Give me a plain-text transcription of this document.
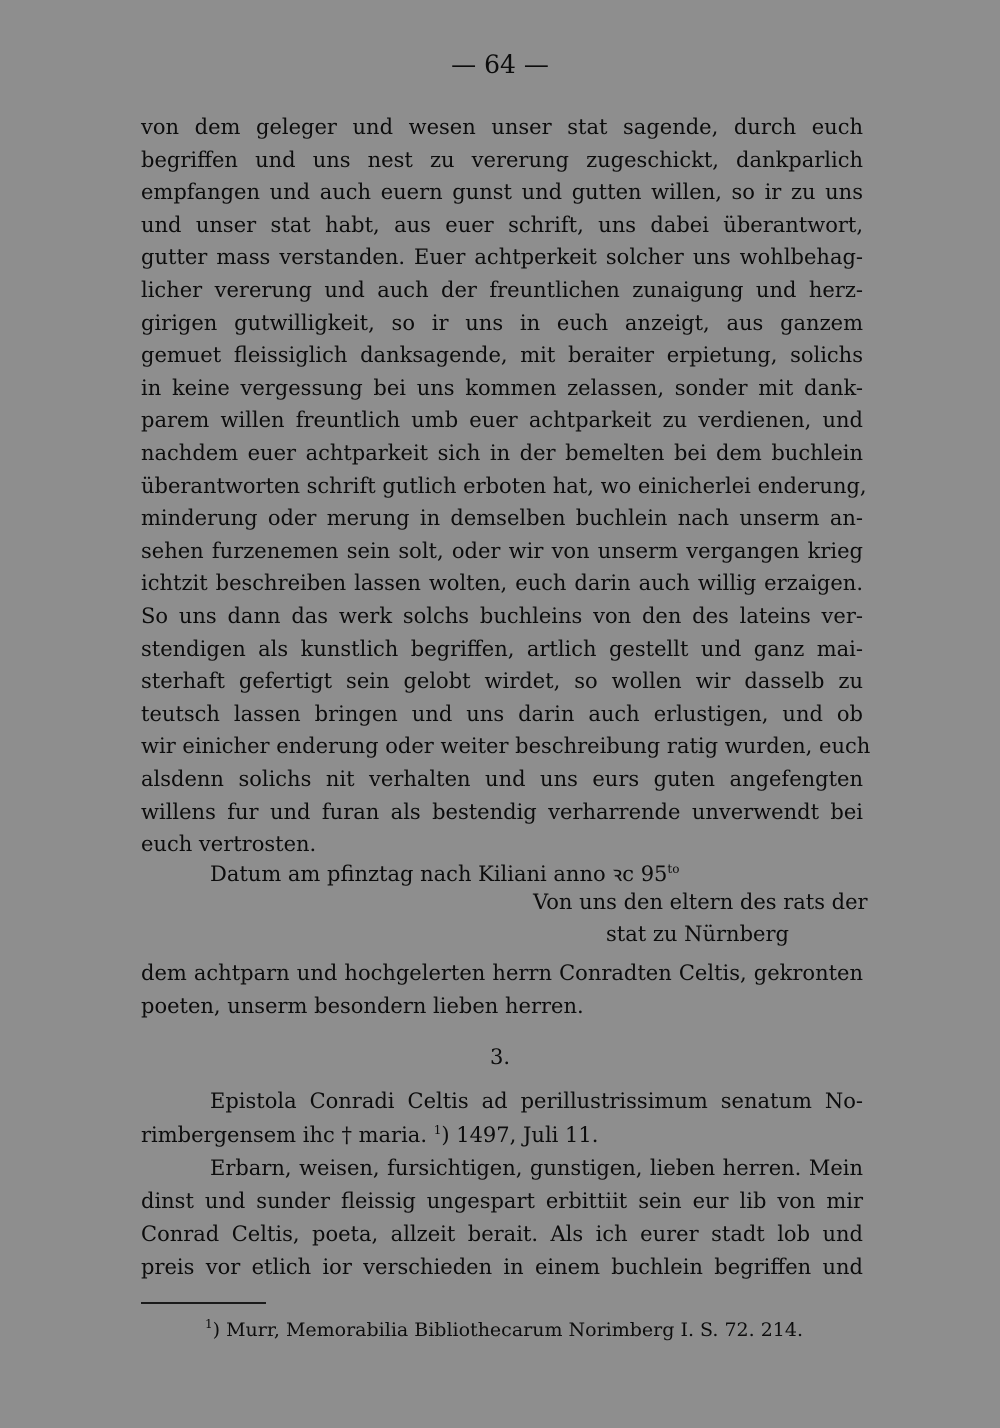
— 64 —
von dem geleger und wesen unser stat sagende, durch euch
begriffen und uns nest zu vererung zugeschickt, dankparlich
empfangen und auch euern gunst und gutten willen, so ir zu uns
und unser stat habt, aus euer schrift, uns dabei überantwort,
gutter mass verstanden. Euer achtperkeit solcher uns wohlbehag-
licher vererung und auch der freuntlichen zunaigung und herz-
girigen gutwilligkeit, so ir uns in euch anzeigt, aus ganzem
gemuet fleissiglich danksagende, mit beraiter erpietung, solichs
in keine vergessung bei uns kommen zelassen, sonder mit dank-
parem willen freuntlich umb euer achtparkeit zu verdienen, und
nachdem euer achtparkeit sich in der bemelten bei dem buchlein
überantworten schrift gutlich erboten hat, wo einicherlei enderung,
minderung oder merung in demselben buchlein nach unserm an-
sehen furzenemen sein solt, oder wir von unserm vergangen krieg
ichtzit beschreiben lassen wolten, euch darin auch willig erzaigen.
So uns dann das werk solchs buchleins von den des lateins ver-
stendigen als kunstlich begriffen, artlich gestellt und ganz mai-
sterhaft gefertigt sein gelobt wirdet, so wollen wir dasselb zu
teutsch lassen bringen und uns darin auch erlustigen, und ob
wir einicher enderung oder weiter beschreibung ratig wurden, euch
alsdenn solichs nit verhalten und uns eurs guten angefengten
willens fur und furan als bestendig verharrende unverwendt bei
euch vertrosten.
Datum am pfinztag nach Kiliani anno ꝛc $95^{to}$
Von uns den eltern des rats der
stat zu Nürnberg
dem achtparn und hochgelerten herrn Conradten Celtis, gekronten
poeten, unserm besondern lieben herren.
3.
Epistola Conradi Celtis ad perillustrissimum senatum No-
rimbergensem ihc † maria. $^1$) 1497, Juli 11.
Erbarn, weisen, fursichtigen, gunstigen, lieben herren. Mein
dinst und sunder fleissig ungespart erbittiit sein eur lib von mir
Conrad Celtis, poeta, allzeit berait. Als ich eurer stadt lob und
preis vor etlich ior verschieden in einem buchlein begriffen und
$^1$) Murr, Memorabilia Bibliothecarum Norimberg I. S. 72. 214.
